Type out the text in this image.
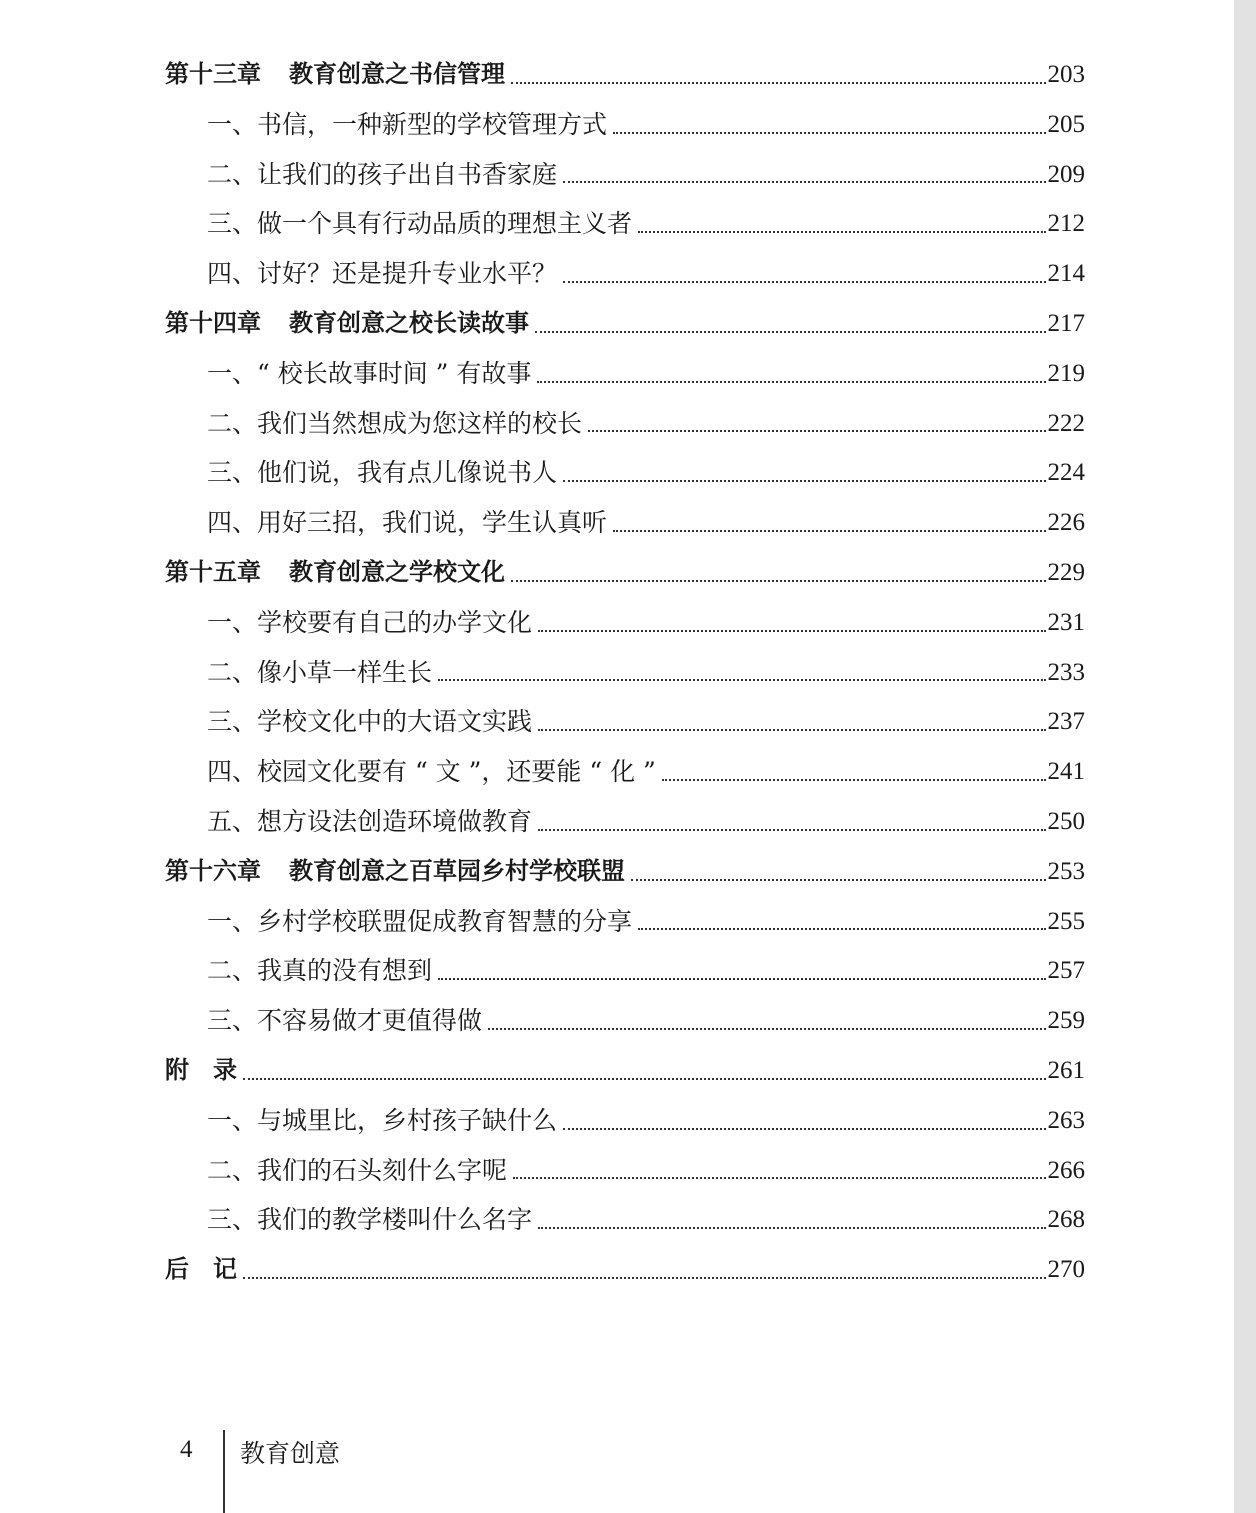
第十三章 教育创意之书信管理	203
一、书信，一种新型的学校管理方式	205
二、让我们的孩子出自书香家庭	209
三、做一个具有行动品质的理想主义者	212
四、讨好？还是提升专业水平？	214
第十四章 教育创意之校长读故事	217
一、“ 校长故事时间 ” 有故事	219
二、我们当然想成为您这样的校长	222
三、他们说，我有点儿像说书人	224
四、用好三招，我们说，学生认真听	226
第十五章 教育创意之学校文化	229
一、学校要有自己的办学文化	231
二、像小草一样生长	233
三、学校文化中的大语文实践	237
四、校园文化要有 “ 文 ”，还要能 “ 化 ”	241
五、想方设法创造环境做教育	250
第十六章 教育创意之百草园乡村学校联盟	253
一、乡村学校联盟促成教育智慧的分享	255
二、我真的没有想到	257
三、不容易做才更值得做	259
附　录	261
一、与城里比，乡村孩子缺什么	263
二、我们的石头刻什么字呢	266
三、我们的教学楼叫什么名字	268
后　记	270
4 教育创意
